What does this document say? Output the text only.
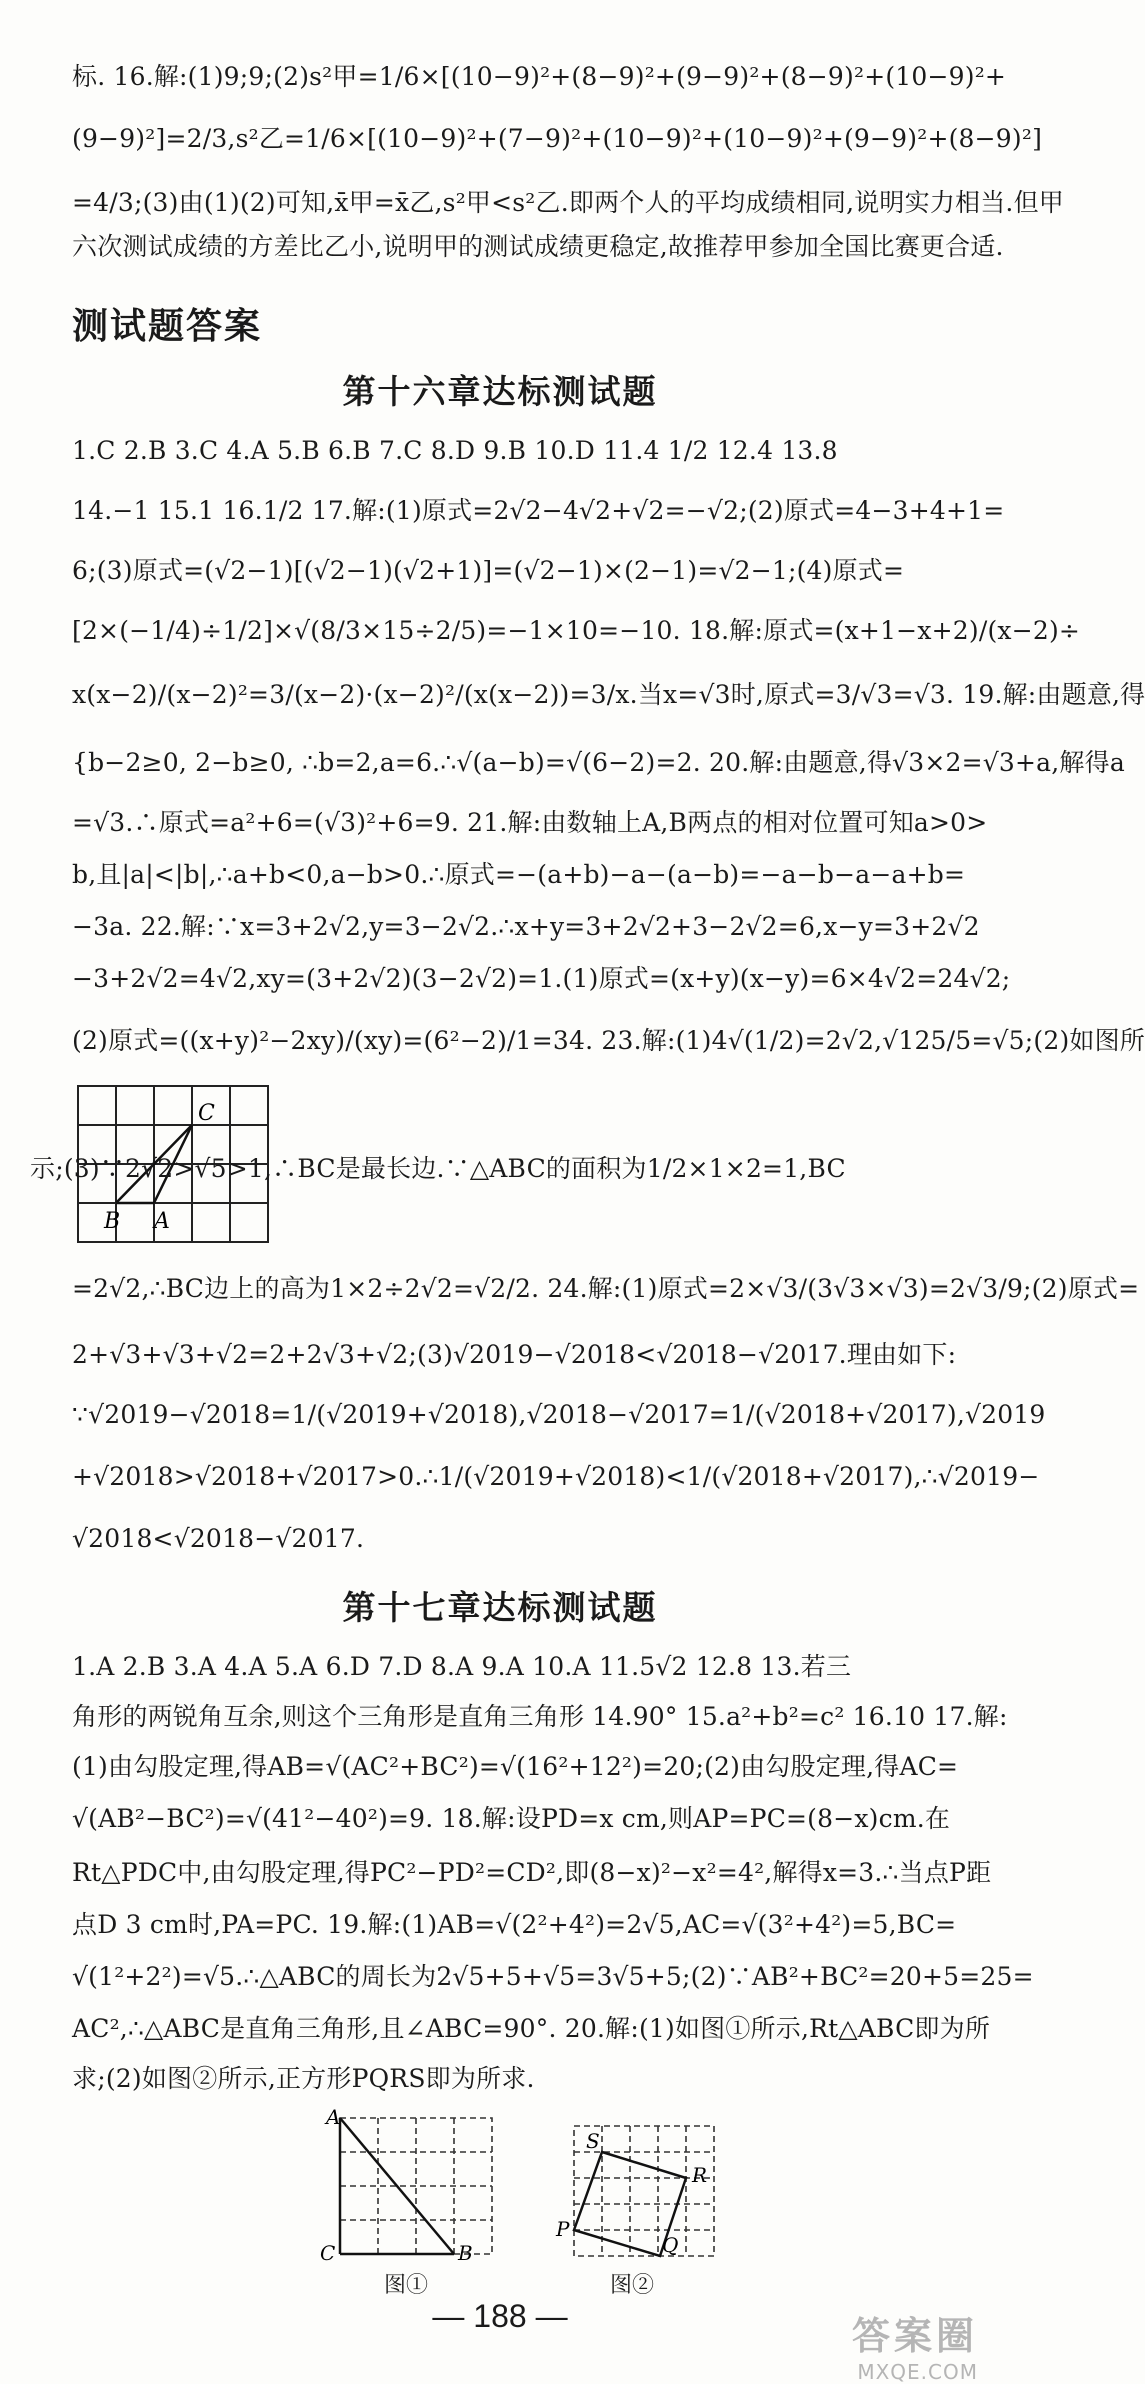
标. 16.解:(1)9;9;(2)s²甲=1/6×[(10−9)²+(8−9)²+(9−9)²+(8−9)²+(10−9)²+
(9−9)²]=2/3,s²乙=1/6×[(10−9)²+(7−9)²+(10−9)²+(10−9)²+(9−9)²+(8−9)²]
=4/3;(3)由(1)(2)可知,x̄甲=x̄乙,s²甲<s²乙.即两个人的平均成绩相同,说明实力相当.但甲
六次测试成绩的方差比乙小,说明甲的测试成绩更稳定,故推荐甲参加全国比赛更合适.
测试题答案
第十六章达标测试题
1.C 2.B 3.C 4.A 5.B 6.B 7.C 8.D 9.B 10.D 11.4 1/2 12.4 13.8
14.−1 15.1 16.1/2 17.解:(1)原式=2√2−4√2+√2=−√2;(2)原式=4−3+4+1=
6;(3)原式=(√2−1)[(√2−1)(√2+1)]=(√2−1)×(2−1)=√2−1;(4)原式=
[2×(−1/4)÷1/2]×√(8/3×15÷2/5)=−1×10=−10. 18.解:原式=(x+1−x+2)/(x−2)÷
x(x−2)/(x−2)²=3/(x−2)·(x−2)²/(x(x−2))=3/x.当x=√3时,原式=3/√3=√3. 19.解:由题意,得
{b−2≥0, 2−b≥0, ∴b=2,a=6.∴√(a−b)=√(6−2)=2. 20.解:由题意,得√3×2=√3+a,解得a
=√3.∴原式=a²+6=(√3)²+6=9. 21.解:由数轴上A,B两点的相对位置可知a>0>
b,且|a|<|b|,∴a+b<0,a−b>0.∴原式=−(a+b)−a−(a−b)=−a−b−a−a+b=
−3a. 22.解:∵x=3+2√2,y=3−2√2.∴x+y=3+2√2+3−2√2=6,x−y=3+2√2
−3+2√2=4√2,xy=(3+2√2)(3−2√2)=1.(1)原式=(x+y)(x−y)=6×4√2=24√2;
(2)原式=((x+y)²−2xy)/(xy)=(6²−2)/1=34. 23.解:(1)4√(1/2)=2√2,√125/5=√5;(2)如图所
C
B A
示;(3)∵2√2>√5>1,∴BC是最长边.∵△ABC的面积为1/2×1×2=1,BC
=2√2,∴BC边上的高为1×2÷2√2=√2/2. 24.解:(1)原式=2×√3/(3√3×√3)=2√3/9;(2)原式=
2+√3+√3+√2=2+2√3+√2;(3)√2019−√2018<√2018−√2017.理由如下:
∵√2019−√2018=1/(√2019+√2018),√2018−√2017=1/(√2018+√2017),√2019
+√2018>√2018+√2017>0.∴1/(√2019+√2018)<1/(√2018+√2017),∴√2019−
√2018<√2018−√2017.
第十七章达标测试题
1.A 2.B 3.A 4.A 5.A 6.D 7.D 8.A 9.A 10.A 11.5√2 12.8 13.若三
角形的两锐角互余,则这个三角形是直角三角形 14.90° 15.a²+b²=c² 16.10 17.解:
(1)由勾股定理,得AB=√(AC²+BC²)=√(16²+12²)=20;(2)由勾股定理,得AC=
√(AB²−BC²)=√(41²−40²)=9. 18.解:设PD=x cm,则AP=PC=(8−x)cm.在
Rt△PDC中,由勾股定理,得PC²−PD²=CD²,即(8−x)²−x²=4²,解得x=3.∴当点P距
点D 3 cm时,PA=PC. 19.解:(1)AB=√(2²+4²)=2√5,AC=√(3²+4²)=5,BC=
√(1²+2²)=√5.∴△ABC的周长为2√5+5+√5=3√5+5;(2)∵AB²+BC²=20+5=25=
AC²,∴△ABC是直角三角形,且∠ABC=90°. 20.解:(1)如图①所示,Rt△ABC即为所
求;(2)如图②所示,正方形PQRS即为所求.
A
C	B
图①
S
R
P
Q
图②
— 188 —	答案圈
MXQE.COM
